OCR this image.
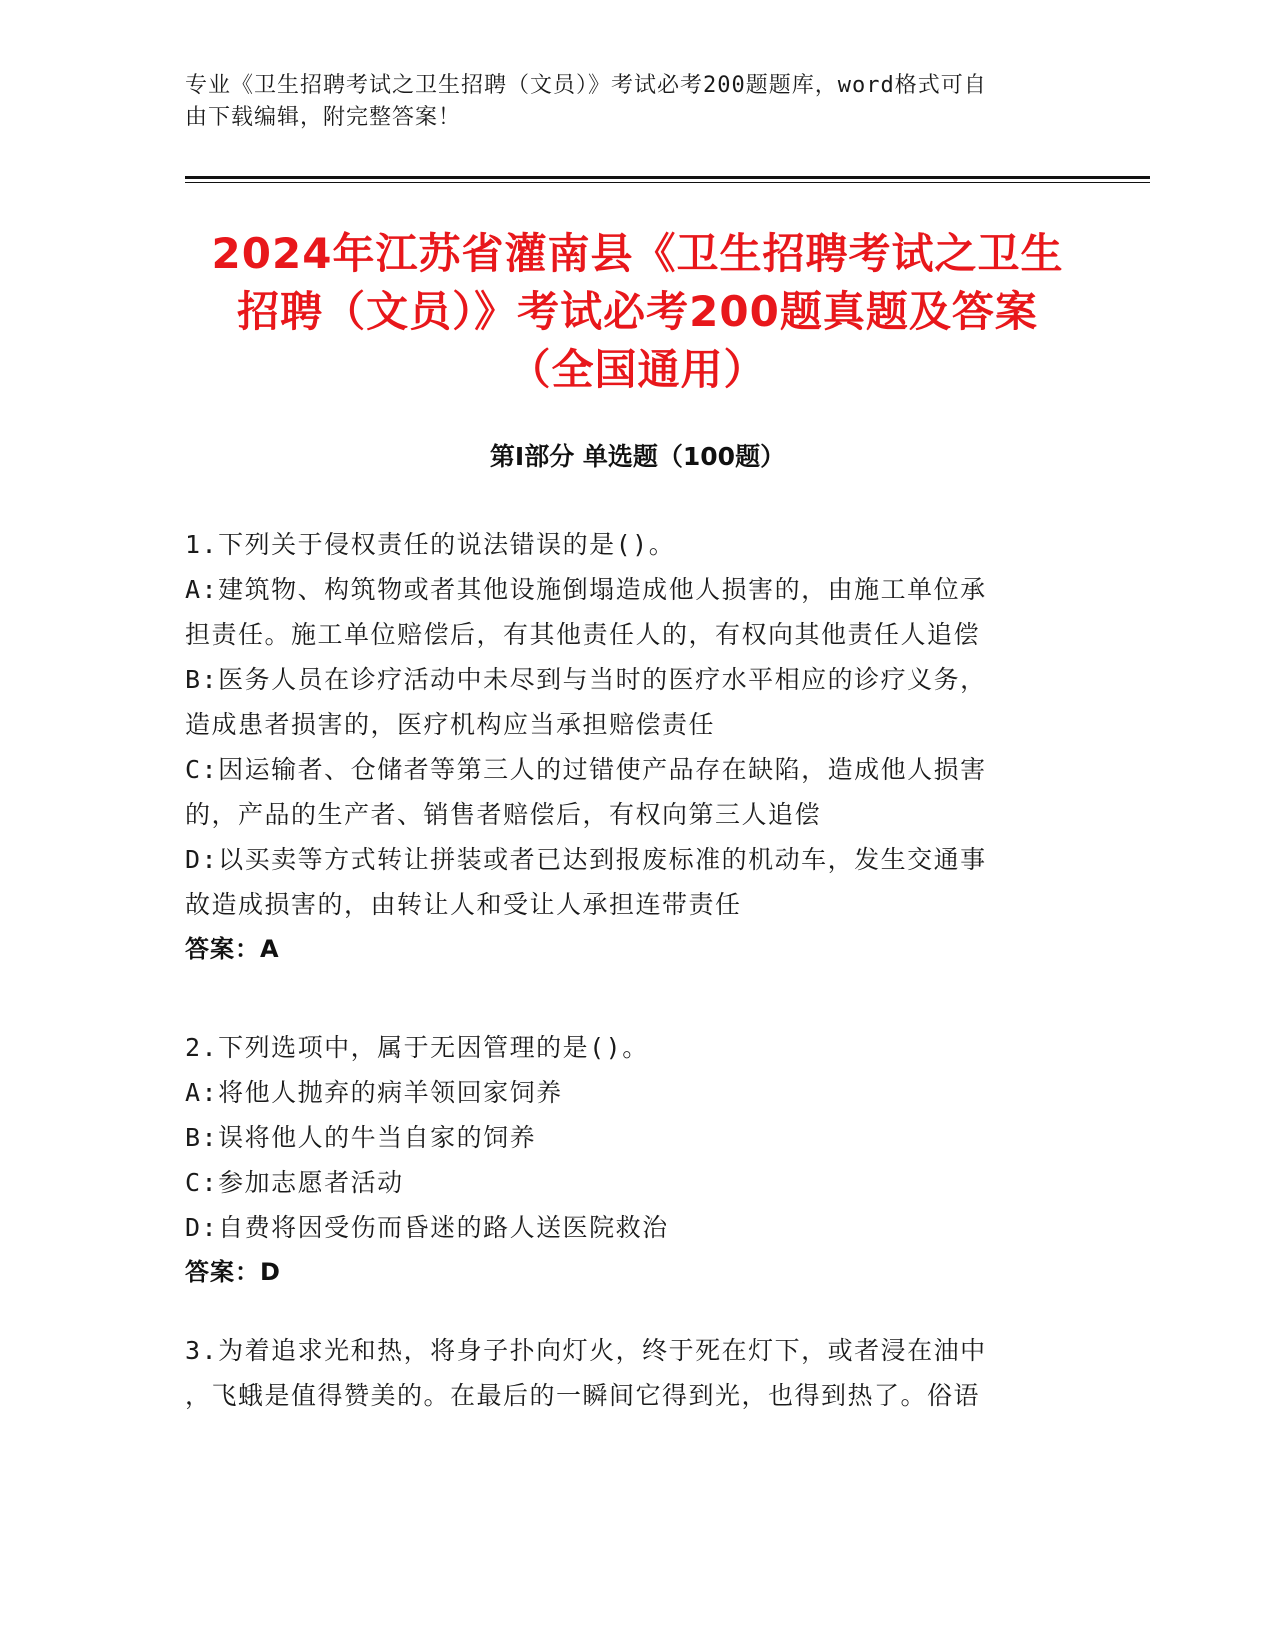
专业《卫生招聘考试之卫生招聘（文员）》考试必考200题题库，word格式可自
由下载编辑，附完整答案！
2024年江苏省灌南县《卫生招聘考试之卫生
招聘（文员）》考试必考200题真题及答案
（全国通用）
第Ⅰ部分 单选题（100题）
1.下列关于侵权责任的说法错误的是()。
A:建筑物、构筑物或者其他设施倒塌造成他人损害的，由施工单位承
担责任。施工单位赔偿后，有其他责任人的，有权向其他责任人追偿
B:医务人员在诊疗活动中未尽到与当时的医疗水平相应的诊疗义务，
造成患者损害的，医疗机构应当承担赔偿责任
C:因运输者、仓储者等第三人的过错使产品存在缺陷，造成他人损害
的，产品的生产者、销售者赔偿后，有权向第三人追偿
D:以买卖等方式转让拼装或者已达到报废标准的机动车，发生交通事
故造成损害的，由转让人和受让人承担连带责任
答案：A
2.下列选项中，属于无因管理的是()。
A:将他人抛弃的病羊领回家饲养
B:误将他人的牛当自家的饲养
C:参加志愿者活动
D:自费将因受伤而昏迷的路人送医院救治
答案：D
3.为着追求光和热，将身子扑向灯火，终于死在灯下，或者浸在油中
，飞蛾是值得赞美的。在最后的一瞬间它得到光，也得到热了。俗语
